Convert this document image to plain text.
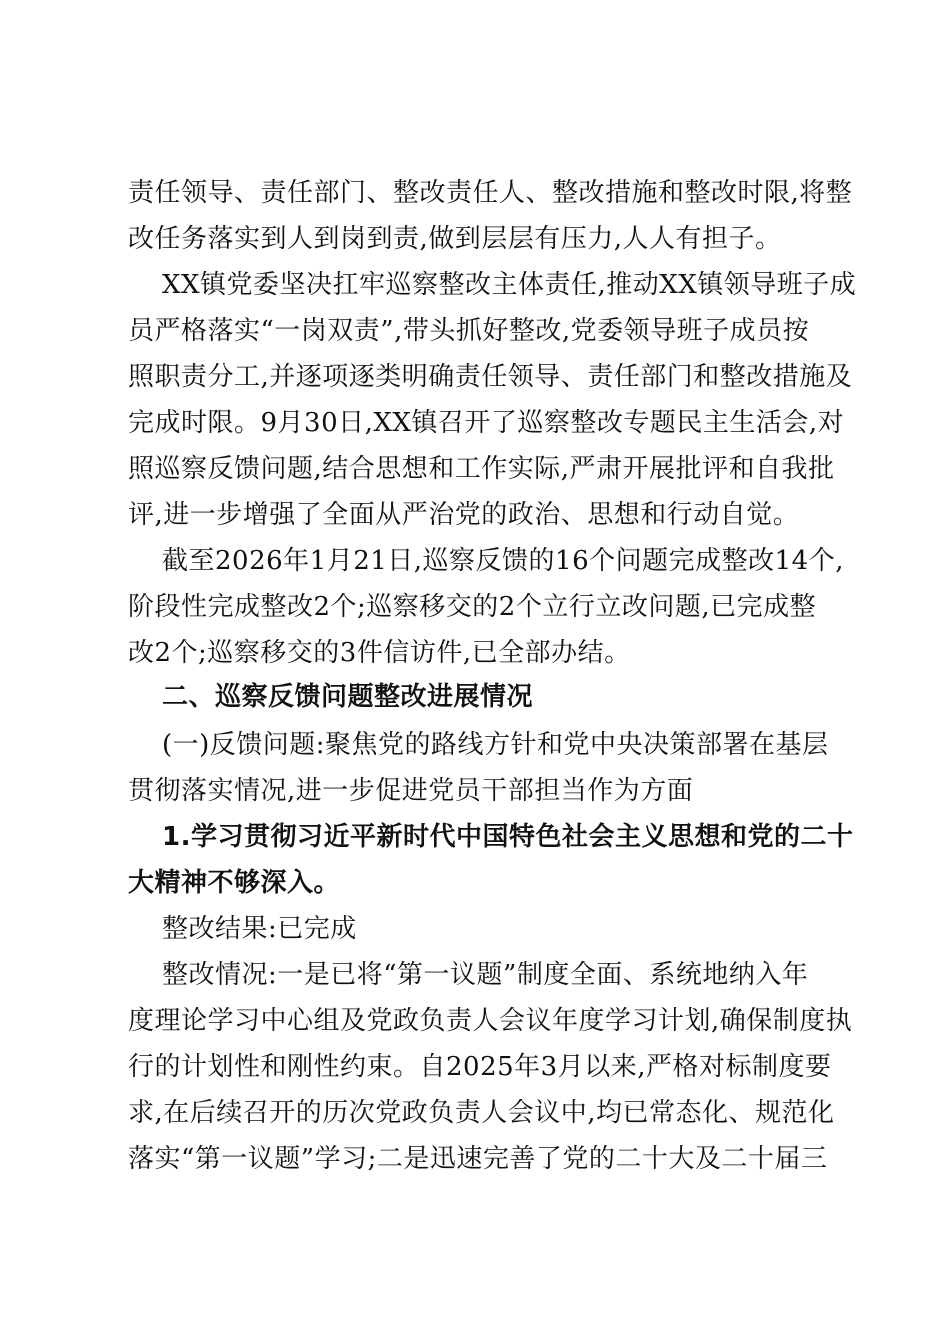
责任领导、责任部门、整改责任人、整改措施和整改时限,将整
改任务落实到人到岗到责,做到层层有压力,人人有担子。
XX镇党委坚决扛牢巡察整改主体责任,推动XX镇领导班子成
员严格落实“一岗双责”,带头抓好整改,党委领导班子成员按
照职责分工,并逐项逐类明确责任领导、责任部门和整改措施及
完成时限。9月30日,XX镇召开了巡察整改专题民主生活会,对
照巡察反馈问题,结合思想和工作实际,严肃开展批评和自我批
评,进一步增强了全面从严治党的政治、思想和行动自觉。
截至2026年1月21日,巡察反馈的16个问题完成整改14个,
阶段性完成整改2个;巡察移交的2个立行立改问题,已完成整
改2个;巡察移交的3件信访件,已全部办结。
二、巡察反馈问题整改进展情况
(一)反馈问题:聚焦党的路线方针和党中央决策部署在基层
贯彻落实情况,进一步促进党员干部担当作为方面
1.学习贯彻习近平新时代中国特色社会主义思想和党的二十
大精神不够深入。
整改结果:已完成
整改情况:一是已将“第一议题”制度全面、系统地纳入年
度理论学习中心组及党政负责人会议年度学习计划,确保制度执
行的计划性和刚性约束。自2025年3月以来,严格对标制度要
求,在后续召开的历次党政负责人会议中,均已常态化、规范化
落实“第一议题”学习;二是迅速完善了党的二十大及二十届三
